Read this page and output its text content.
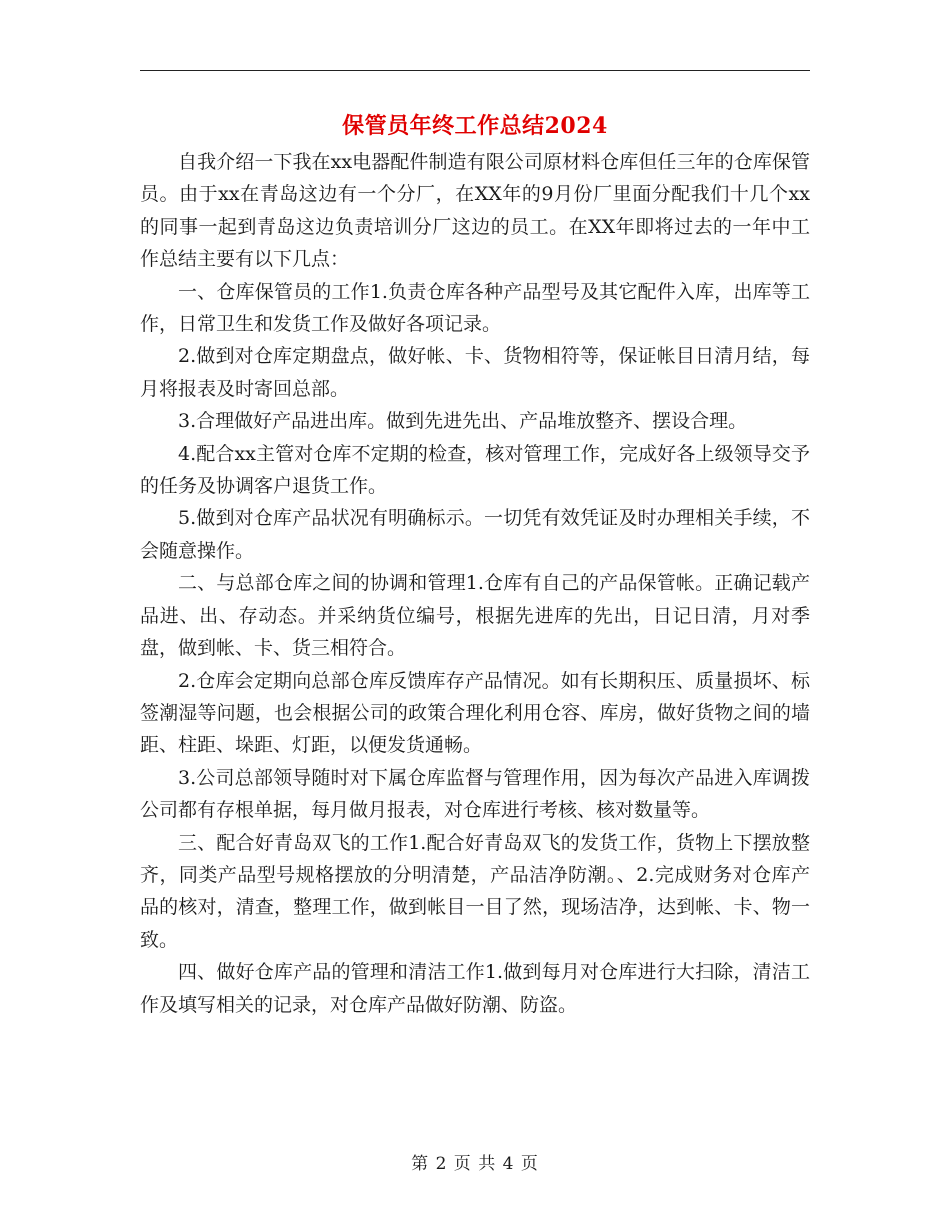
保管员年终工作总结2024

自我介绍一下我在xx电器配件制造有限公司原材料仓库但任三年的仓库保管员。由于xx在青岛这边有一个分厂，在XX年的9月份厂里面分配我们十几个xx的同事一起到青岛这边负责培训分厂这边的员工。在XX年即将过去的一年中工作总结主要有以下几点：

一、仓库保管员的工作1.负责仓库各种产品型号及其它配件入库，出库等工作，日常卫生和发货工作及做好各项记录。

2.做到对仓库定期盘点，做好帐、卡、货物相符等，保证帐目日清月结，每月将报表及时寄回总部。

3.合理做好产品进出库。做到先进先出、产品堆放整齐、摆设合理。

4.配合xx主管对仓库不定期的检查，核对管理工作，完成好各上级领导交予的任务及协调客户退货工作。

5.做到对仓库产品状况有明确标示。一切凭有效凭证及时办理相关手续，不会随意操作。

二、与总部仓库之间的协调和管理1.仓库有自己的产品保管帐。正确记载产品进、出、存动态。并采纳货位编号，根据先进库的先出，日记日清，月对季盘，做到帐、卡、货三相符合。

2.仓库会定期向总部仓库反馈库存产品情况。如有长期积压、质量损坏、标签潮湿等问题，也会根据公司的政策合理化利用仓容、库房，做好货物之间的墙距、柱距、垛距、灯距，以便发货通畅。

3.公司总部领导随时对下属仓库监督与管理作用，因为每次产品进入库调拨公司都有存根单据，每月做月报表，对仓库进行考核、核对数量等。

三、配合好青岛双飞的工作1.配合好青岛双飞的发货工作，货物上下摆放整齐，同类产品型号规格摆放的分明清楚，产品洁净防潮。、2.完成财务对仓库产品的核对，清查，整理工作，做到帐目一目了然，现场洁净，达到帐、卡、物一致。

四、做好仓库产品的管理和清洁工作1.做到每月对仓库进行大扫除，清洁工作及填写相关的记录，对仓库产品做好防潮、防盗。

第 2 页 共 4 页
